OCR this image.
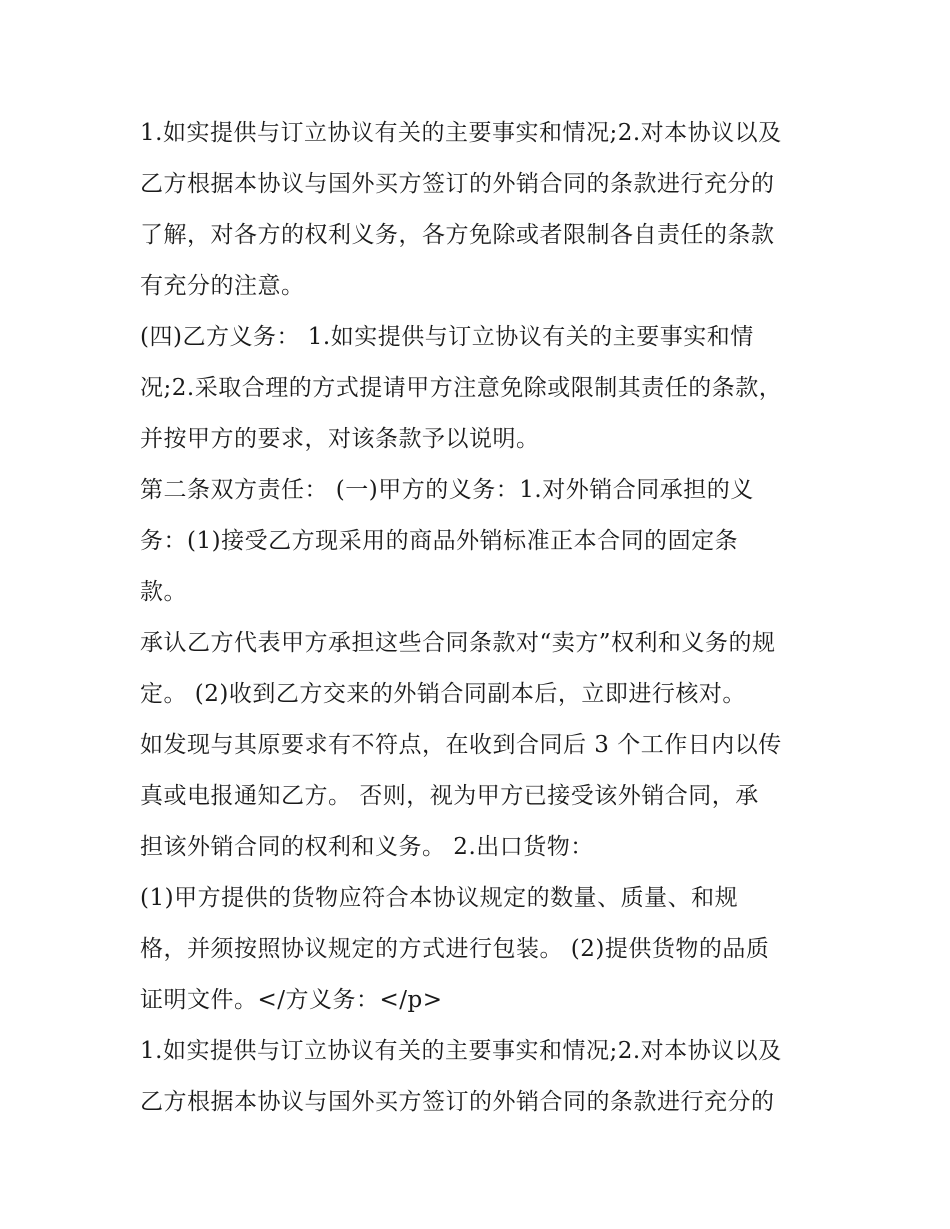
1.如实提供与订立协议有关的主要事实和情况;2.对本协议以及
乙方根据本协议与国外买方签订的外销合同的条款进行充分的
了解，对各方的权利义务，各方免除或者限制各自责任的条款
有充分的注意。
(四)乙方义务： 1.如实提供与订立协议有关的主要事实和情
况;2.采取合理的方式提请甲方注意免除或限制其责任的条款，
并按甲方的要求，对该条款予以说明。
第二条双方责任： (一)甲方的义务：1.对外销合同承担的义
务：(1)接受乙方现采用的商品外销标准正本合同的固定条
款。
承认乙方代表甲方承担这些合同条款对“卖方”权利和义务的规
定。 (2)收到乙方交来的外销合同副本后，立即进行核对。
如发现与其原要求有不符点，在收到合同后 3 个工作日内以传
真或电报通知乙方。 否则，视为甲方已接受该外销合同，承
担该外销合同的权利和义务。 2.出口货物：
(1)甲方提供的货物应符合本协议规定的数量、质量、和规
格，并须按照协议规定的方式进行包装。 (2)提供货物的品质
证明文件。</方义务：</p>
1.如实提供与订立协议有关的主要事实和情况;2.对本协议以及
乙方根据本协议与国外买方签订的外销合同的条款进行充分的
